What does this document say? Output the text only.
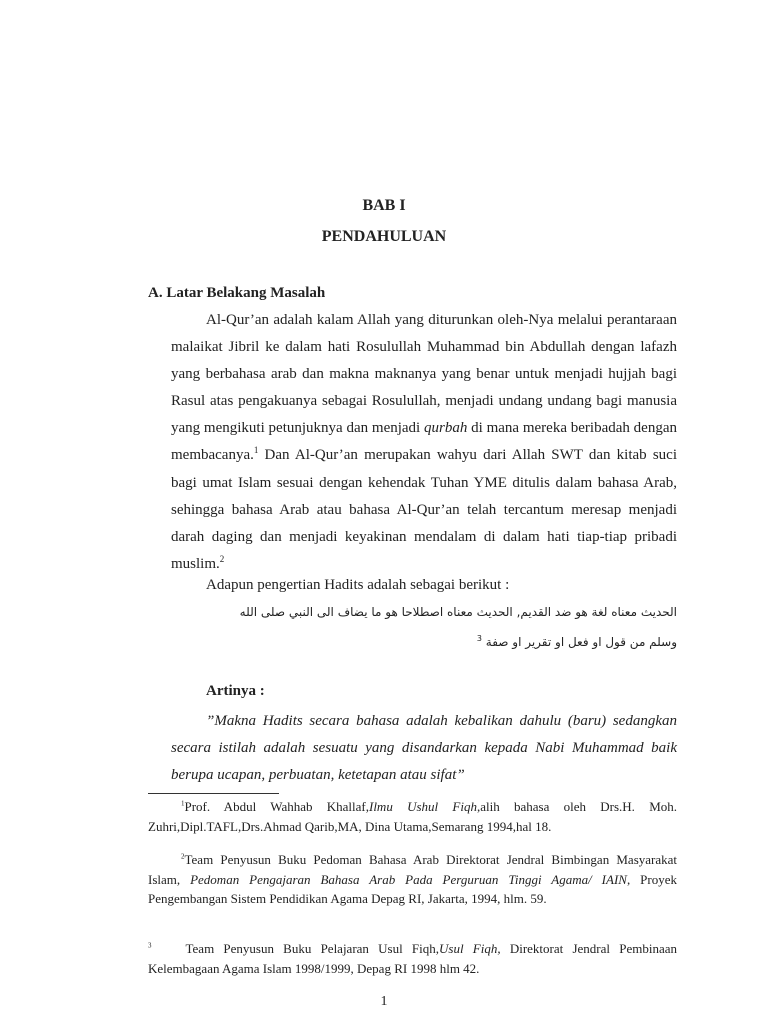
BAB I
PENDAHULUAN
A. Latar Belakang Masalah
Al-Qur’an adalah kalam Allah yang diturunkan oleh-Nya melalui perantaraan malaikat Jibril ke dalam hati Rosulullah Muhammad bin Abdullah dengan lafazh yang berbahasa arab dan makna maknanya yang benar untuk menjadi hujjah bagi Rasul atas pengakuanya sebagai Rosulullah, menjadi undang undang bagi manusia yang mengikuti petunjuknya dan menjadi qurbah di mana mereka beribadah dengan membacanya.$^1$ Dan Al-Qur’an merupakan wahyu dari Allah SWT dan kitab suci bagi umat Islam sesuai dengan kehendak Tuhan YME ditulis dalam bahasa Arab, sehingga bahasa Arab atau bahasa Al-Qur’an telah tercantum meresap menjadi darah daging dan menjadi keyakinan mendalam di dalam hati tiap-tiap pribadi muslim.$^2$
Adapun pengertian Hadits adalah sebagai berikut :
الحديث معناه لغة هو ضد القديم, الحديث معناه اصطلاحا هو ما يضاف الى النبي صلى الله
وسلم من قول او فعل او تقرير او صفة $^3$
Artinya :
”Makna Hadits secara bahasa adalah kebalikan dahulu (baru) sedangkan secara istilah adalah sesuatu yang disandarkan kepada Nabi Muhammad baik berupa ucapan, perbuatan, ketetapan atau sifat”
$^1$Prof. Abdul Wahhab Khallaf,Ilmu Ushul Fiqh,alih bahasa oleh Drs.H. Moh. Zuhri,Dipl.TAFL,Drs.Ahmad Qarib,MA, Dina Utama,Semarang 1994,hal 18.
$^2$Team Penyusun Buku Pedoman Bahasa Arab Direktorat Jendral Bimbingan Masyarakat Islam, Pedoman Pengajaran Bahasa Arab Pada Perguruan Tinggi Agama/ IAIN, Proyek Pengembangan Sistem Pendidikan Agama Depag RI, Jakarta, 1994, hlm. 59.
$^3$	Team Penyusun Buku Pelajaran Usul Fiqh,Usul Fiqh, Direktorat Jendral Pembinaan Kelembagaan Agama Islam 1998/1999, Depag RI 1998 hlm 42.
1
